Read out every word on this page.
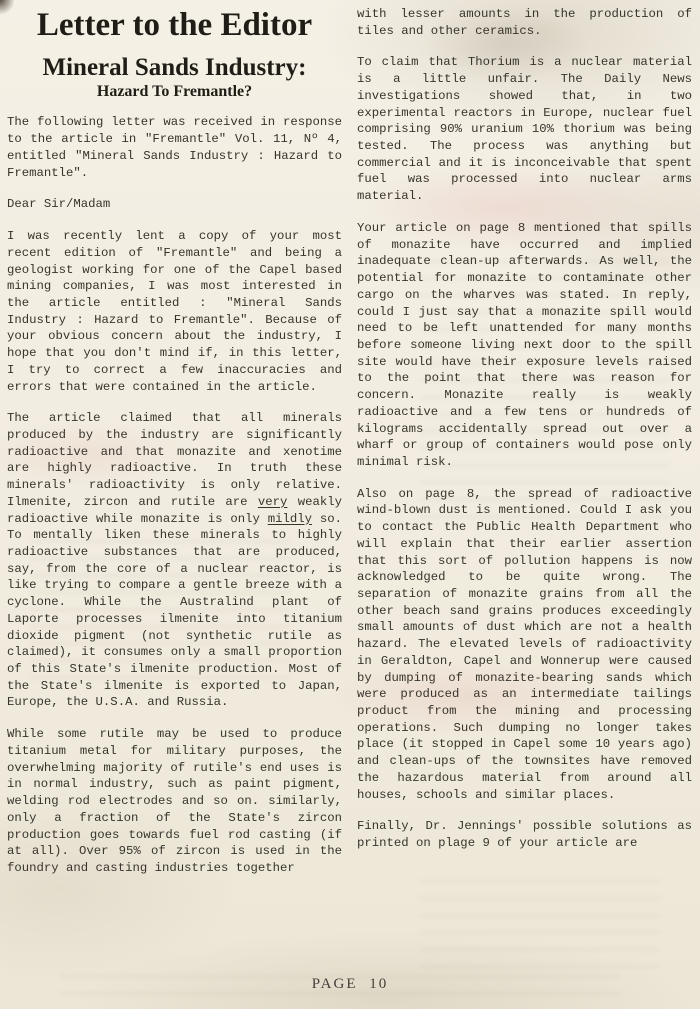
Letter to the Editor
Mineral Sands Industry:
Hazard To Fremantle?

The following letter was received in response to the article in "Fremantle" Vol. 11, Nº 4, entitled "Mineral Sands Industry : Hazard to Fremantle".

Dear Sir/Madam

I was recently lent a copy of your most recent edition of "Fremantle" and being a geologist working for one of the Capel based mining companies, I was most interested in the article entitled : "Mineral Sands Industry : Hazard to Fremantle". Because of your obvious concern about the industry, I hope that you don't mind if, in this letter, I try to correct a few inaccuracies and errors that were contained in the article.

The article claimed that all minerals produced by the industry are significantly radioactive and that monazite and xenotime are highly radioactive. In truth these minerals' radioactivity is only relative. Ilmenite, zircon and rutile are very weakly radioactive while monazite is only mildly so. To mentally liken these minerals to highly radioactive substances that are produced, say, from the core of a nuclear reactor, is like trying to compare a gentle breeze with a cyclone. While the Australind plant of Laporte processes ilmenite into titanium dioxide pigment (not synthetic rutile as claimed), it consumes only a small proportion of this State's ilmenite production. Most of the State's ilmenite is exported to Japan, Europe, the U.S.A. and Russia.

While some rutile may be used to produce titanium metal for military purposes, the overwhelming majority of rutile's end uses is in normal industry, such as paint pigment, welding rod electrodes and so on. similarly, only a fraction of the State's zircon production goes towards fuel rod casting (if at all). Over 95% of zircon is used in the foundry and casting industries together

with lesser amounts in the production of tiles and other ceramics.

To claim that Thorium is a nuclear material is a little unfair. The Daily News investigations showed that, in two experimental reactors in Europe, nuclear fuel comprising 90% uranium 10% thorium was being tested. The process was anything but commercial and it is inconceivable that spent fuel was processed into nuclear arms material.

Your article on page 8 mentioned that spills of monazite have occurred and implied inadequate clean-up afterwards. As well, the potential for monazite to contaminate other cargo on the wharves was stated. In reply, could I just say that a monazite spill would need to be left unattended for many months before someone living next door to the spill site would have their exposure levels raised to the point that there was reason for concern. Monazite really is weakly radioactive and a few tens or hundreds of kilograms accidentally spread out over a wharf or group of containers would pose only minimal risk.

Also on page 8, the spread of radioactive wind-blown dust is mentioned. Could I ask you to contact the Public Health Department who will explain that their earlier assertion that this sort of pollution happens is now acknowledged to be quite wrong. The separation of monazite grains from all the other beach sand grains produces exceedingly small amounts of dust which are not a health hazard. The elevated levels of radioactivity in Geraldton, Capel and Wonnerup were caused by dumping of monazite-bearing sands which were produced as an intermediate tailings product from the mining and processing operations. Such dumping no longer takes place (it stopped in Capel some 10 years ago) and clean-ups of the townsites have removed the hazardous material from around all houses, schools and similar places.

Finally, Dr. Jennings' possible solutions as printed on plage 9 of your article are

PAGE 10
